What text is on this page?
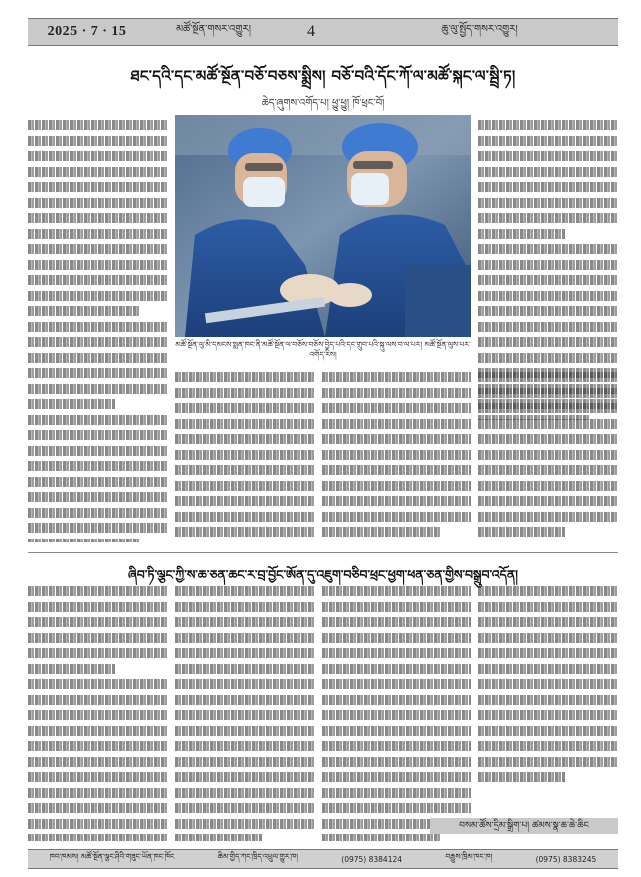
2025 · 7 · 15	མཚོ་སྔོན་གསར་འགྱུར།	4	ཆུ་ལུ་སྤྱོད་གསར་འགྱུར།
ཐང་དའི་དང་མཚོ་སྔོན་བཅོ་བཅས་སྨྲིས། བཅོ་བའི་དོང་ཀོ་ལ་མཚོ་སྐང་ལ་སྦྲི་ཏ།
ཆེད་ཞུགས་འགོད་པ། ཕྱུ་ཕྱུ། ཁོ་ཕྲང་བོ།
མཚོ་སྔོན་ལུ་མི་དམངས་སྨན་ཁང་ནི་མཚོ་སྔོན་ལ་བཅོས་བཅོས་བྱེད་པའི་དང་གྲུབ་པའི་སྐུ་ལས་བ་ལ་པར། མཚོ་སྔོན་ལུས་པར་འགོད་རིས།
ཞིབ་ཏི་ལྕང་ཀྱི་ས་ཆ་ཅན་ཆང་ར་བྲ་བྱོང་ཨོན་དུ་འཇུག་བཅིབ་ཕྲང་ཕྱག་ཕན་ཅན་གྱིས་བསྒྲུབ་འདོན།
བསམ་ཚོས་དྲིམ་སྒྲིག་པ། ཚམས་སྣ་ཆ་ཆེ་ཆིང
ཁབ་ཁམས། མཚོ་སྔོན་ལྕང་ཤིའི་གཟུང་ཡོན་ཁང་ཁོང	ཆིམ་གྱིད་ཀང་ཁྲིད་འཕྲུལ་གྱུར་ཁ།	(0975) 8384124	བརྒྱུས་ཁྲིམ་ཁང་ཁ།	(0975) 8383245
